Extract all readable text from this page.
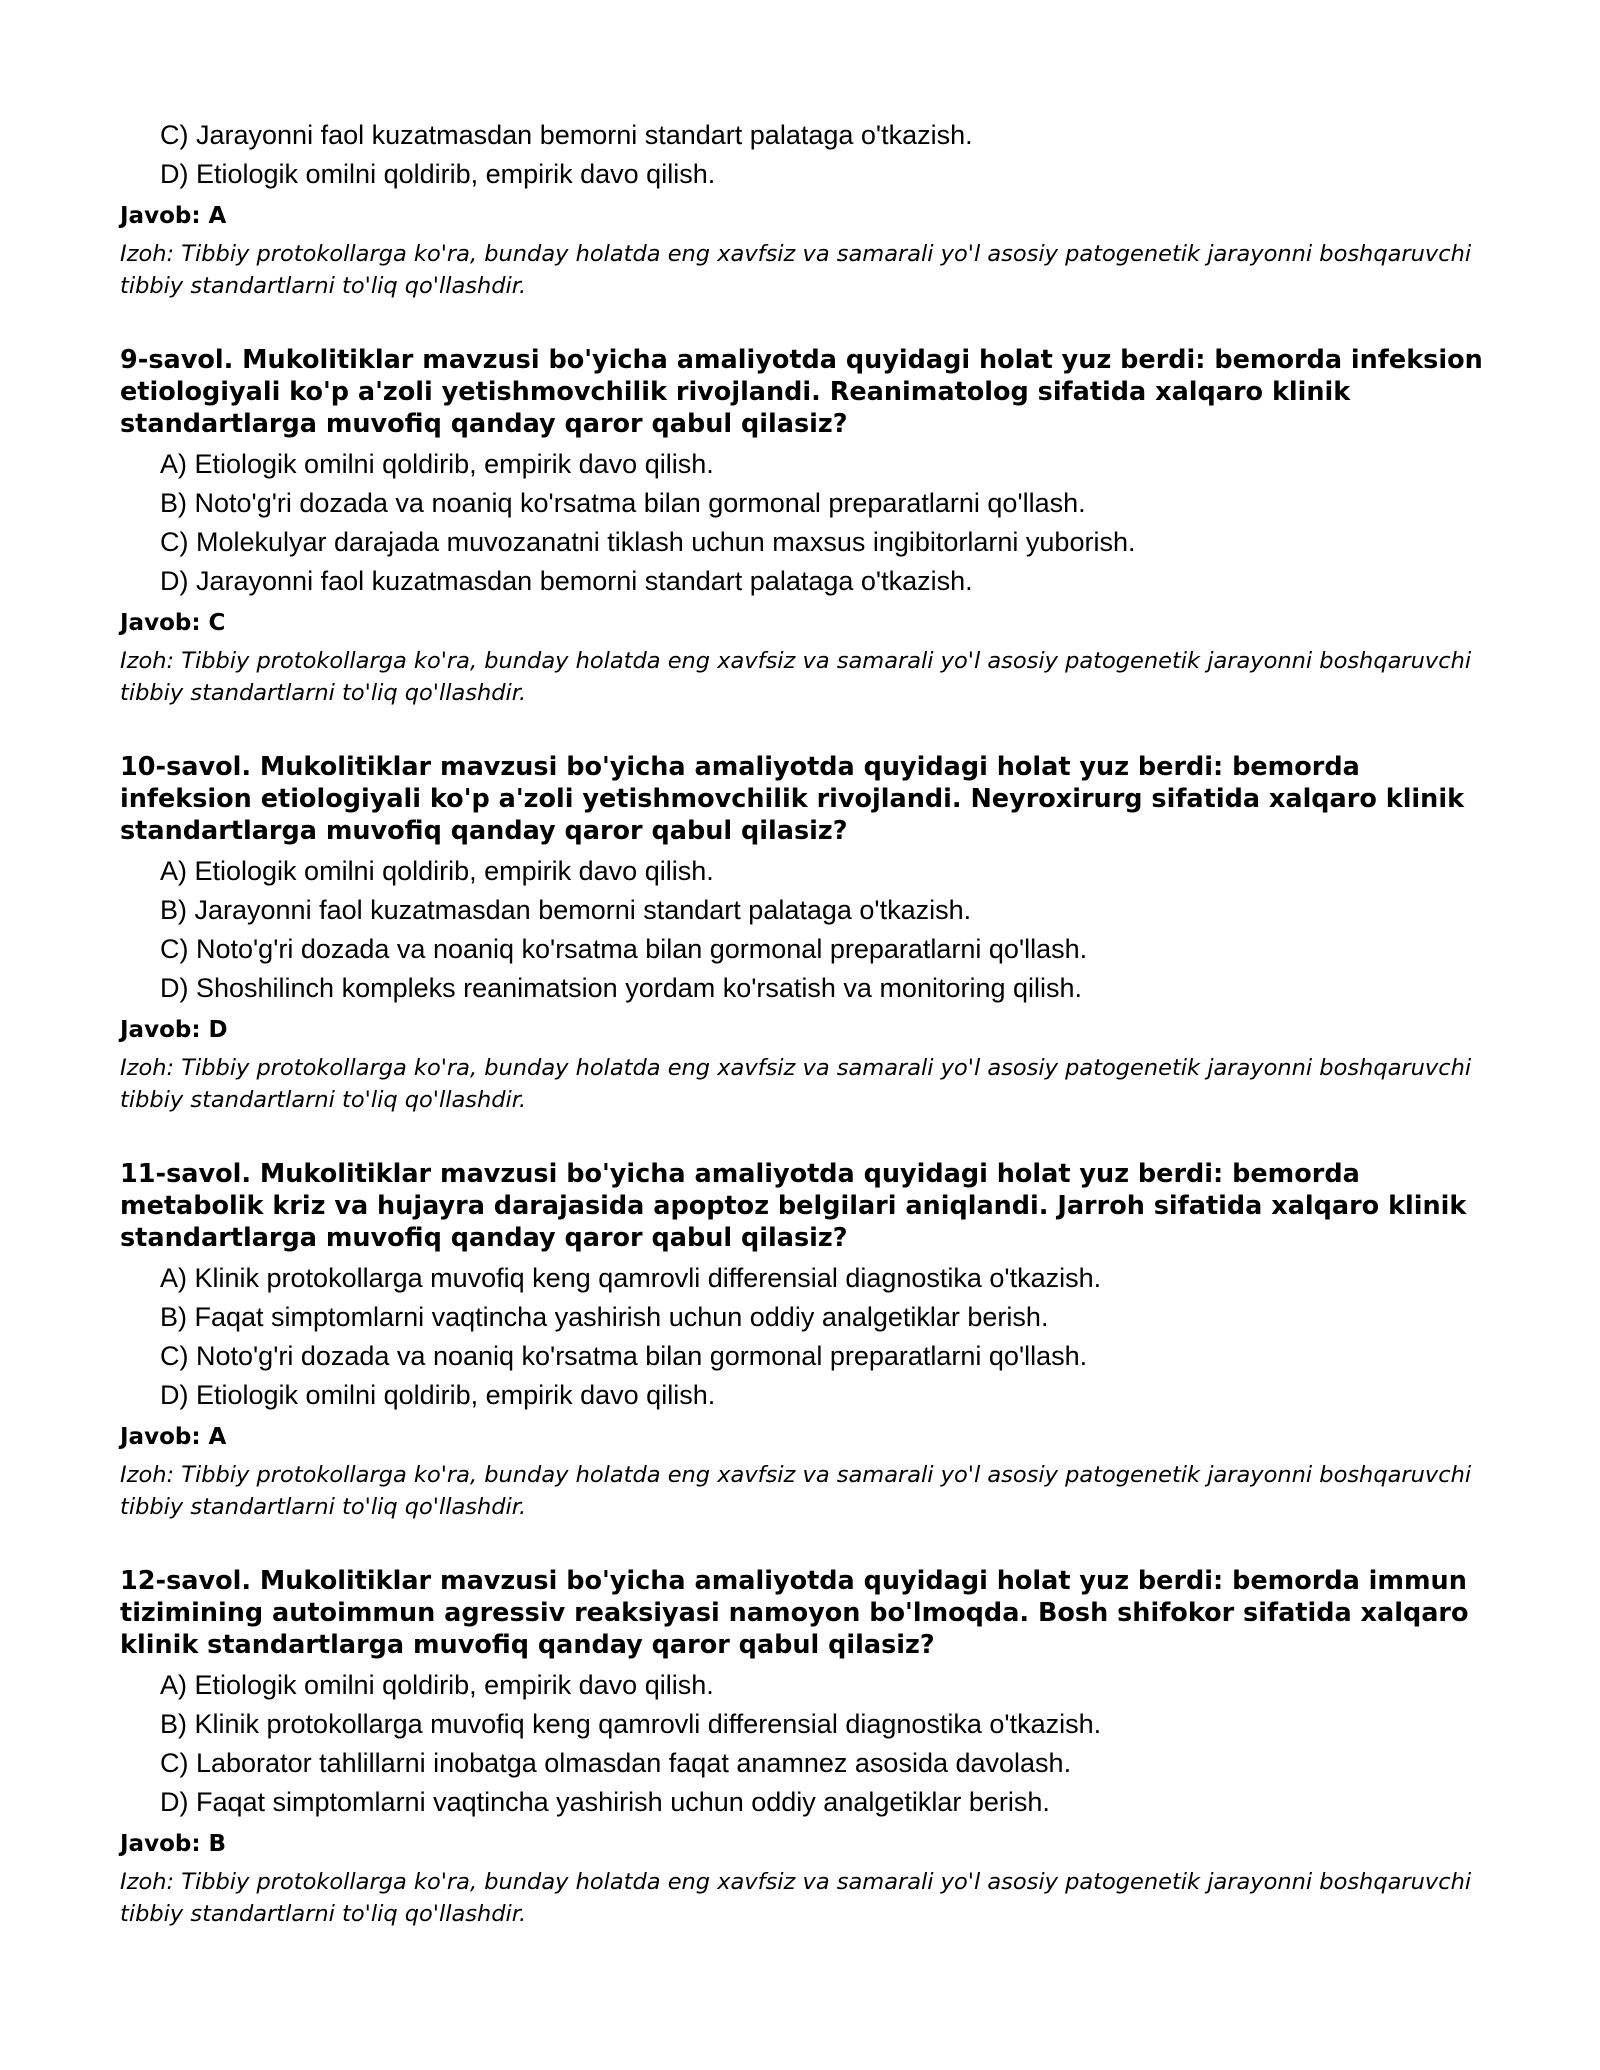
C) Jarayonni faol kuzatmasdan bemorni standart palataga o'tkazish.
D) Etiologik omilni qoldirib, empirik davo qilish.
Javob: A
Izoh: Tibbiy protokollarga ko'ra, bunday holatda eng xavfsiz va samarali yo'l asosiy patogenetik jarayonni boshqaruvchi tibbiy standartlarni to'liq qo'llashdir.
9-savol. Mukolitiklar mavzusi bo'yicha amaliyotda quyidagi holat yuz berdi: bemorda infeksion etiologiyali ko'p a'zoli yetishmovchilik rivojlandi. Reanimatolog sifatida xalqaro klinik standartlarga muvofiq qanday qaror qabul qilasiz?
A) Etiologik omilni qoldirib, empirik davo qilish.
B) Noto'g'ri dozada va noaniq ko'rsatma bilan gormonal preparatlarni qo'llash.
C) Molekulyar darajada muvozanatni tiklash uchun maxsus ingibitorlarni yuborish.
D) Jarayonni faol kuzatmasdan bemorni standart palataga o'tkazish.
Javob: C
Izoh: Tibbiy protokollarga ko'ra, bunday holatda eng xavfsiz va samarali yo'l asosiy patogenetik jarayonni boshqaruvchi tibbiy standartlarni to'liq qo'llashdir.
10-savol. Mukolitiklar mavzusi bo'yicha amaliyotda quyidagi holat yuz berdi: bemorda infeksion etiologiyali ko'p a'zoli yetishmovchilik rivojlandi. Neyroxirurg sifatida xalqaro klinik standartlarga muvofiq qanday qaror qabul qilasiz?
A) Etiologik omilni qoldirib, empirik davo qilish.
B) Jarayonni faol kuzatmasdan bemorni standart palataga o'tkazish.
C) Noto'g'ri dozada va noaniq ko'rsatma bilan gormonal preparatlarni qo'llash.
D) Shoshilinch kompleks reanimatsion yordam ko'rsatish va monitoring qilish.
Javob: D
Izoh: Tibbiy protokollarga ko'ra, bunday holatda eng xavfsiz va samarali yo'l asosiy patogenetik jarayonni boshqaruvchi tibbiy standartlarni to'liq qo'llashdir.
11-savol. Mukolitiklar mavzusi bo'yicha amaliyotda quyidagi holat yuz berdi: bemorda metabolik kriz va hujayra darajasida apoptoz belgilari aniqlandi. Jarroh sifatida xalqaro klinik standartlarga muvofiq qanday qaror qabul qilasiz?
A) Klinik protokollarga muvofiq keng qamrovli differensial diagnostika o'tkazish.
B) Faqat simptomlarni vaqtincha yashirish uchun oddiy analgetiklar berish.
C) Noto'g'ri dozada va noaniq ko'rsatma bilan gormonal preparatlarni qo'llash.
D) Etiologik omilni qoldirib, empirik davo qilish.
Javob: A
Izoh: Tibbiy protokollarga ko'ra, bunday holatda eng xavfsiz va samarali yo'l asosiy patogenetik jarayonni boshqaruvchi tibbiy standartlarni to'liq qo'llashdir.
12-savol. Mukolitiklar mavzusi bo'yicha amaliyotda quyidagi holat yuz berdi: bemorda immun tizimining autoimmun agressiv reaksiyasi namoyon bo'lmoqda. Bosh shifokor sifatida xalqaro klinik standartlarga muvofiq qanday qaror qabul qilasiz?
A) Etiologik omilni qoldirib, empirik davo qilish.
B) Klinik protokollarga muvofiq keng qamrovli differensial diagnostika o'tkazish.
C) Laborator tahlillarni inobatga olmasdan faqat anamnez asosida davolash.
D) Faqat simptomlarni vaqtincha yashirish uchun oddiy analgetiklar berish.
Javob: B
Izoh: Tibbiy protokollarga ko'ra, bunday holatda eng xavfsiz va samarali yo'l asosiy patogenetik jarayonni boshqaruvchi tibbiy standartlarni to'liq qo'llashdir.
